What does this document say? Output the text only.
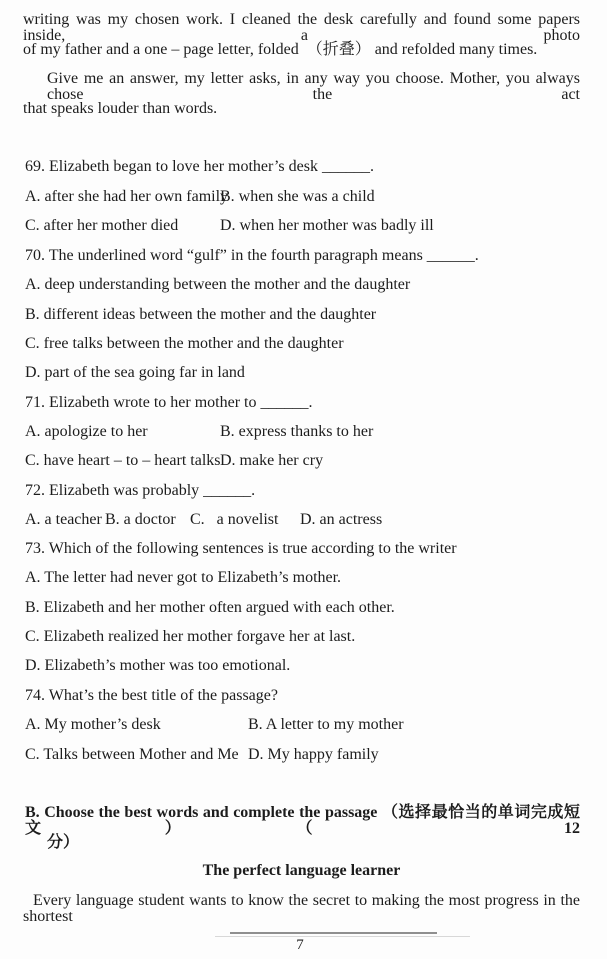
writing was my chosen work. I cleaned the desk carefully and found some papers inside, a photo
of my father and a one – page letter, folded  （折叠） and refolded many times.
Give me an answer, my letter asks, in any way you choose. Mother, you always chose the act
that speaks louder than words.
69. Elizabeth began to love her mother’s desk ______.
A. after she had her own family
B. when she was a child
C. after her mother died	D. when her mother was badly ill
70. The underlined word “gulf” in the fourth paragraph means ______.
A. deep understanding between the mother and the daughter
B. different ideas between the mother and the daughter
C. free talks between the mother and the daughter
D. part of the sea going far in land
71. Elizabeth wrote to her mother to ______.
A. apologize to her	B. express thanks to her
C. have heart – to – heart talks D. make her cry
72. Elizabeth was probably ______.
A. a teacher B. a doctor C.   a novelist D. an actress
73. Which of the following sentences is true according to the writer
A. The letter had never got to Elizabeth’s mother.
B. Elizabeth and her mother often argued with each other.
C. Elizabeth realized her mother forgave her at last.
D. Elizabeth’s mother was too emotional.
74. What’s the best title of the passage?
A. My mother’s desk	B. A letter to my mother
C. Talks between Mother and Me D. My happy family
B. Choose the best words and complete the passage （选择最恰当的单词完成短文）（ 12
分）
The perfect language learner
Every language student wants to know the secret to making the most progress in the shortest
7
